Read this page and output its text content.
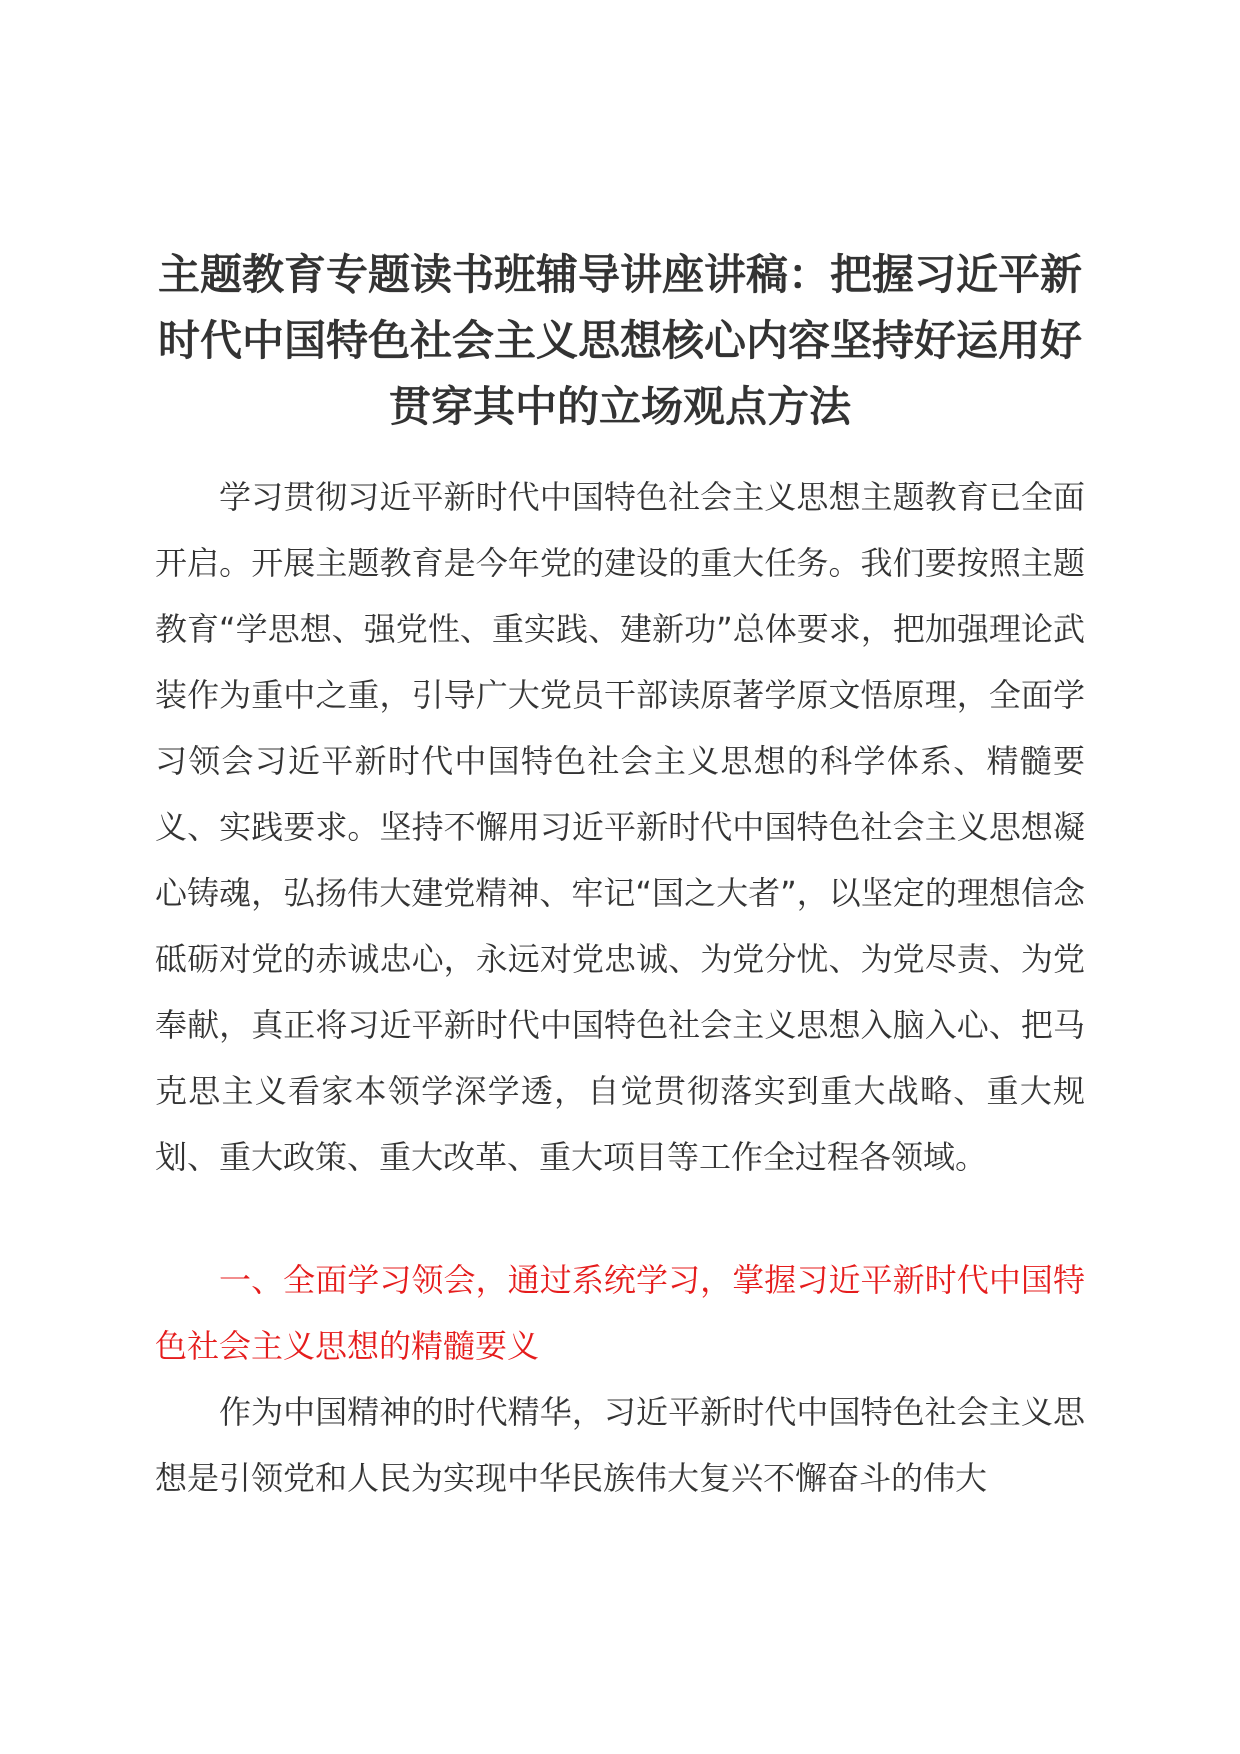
主题教育专题读书班辅导讲座讲稿：把握习近平新时代中国特色社会主义思想核心内容坚持好运用好贯穿其中的立场观点方法

学习贯彻习近平新时代中国特色社会主义思想主题教育已全面开启。开展主题教育是今年党的建设的重大任务。我们要按照主题教育“学思想、强党性、重实践、建新功”总体要求，把加强理论武装作为重中之重，引导广大党员干部读原著学原文悟原理，全面学习领会习近平新时代中国特色社会主义思想的科学体系、精髓要义、实践要求。坚持不懈用习近平新时代中国特色社会主义思想凝心铸魂，弘扬伟大建党精神、牢记“国之大者”，以坚定的理想信念砥砺对党的赤诚忠心，永远对党忠诚、为党分忧、为党尽责、为党奉献，真正将习近平新时代中国特色社会主义思想入脑入心、把马克思主义看家本领学深学透，自觉贯彻落实到重大战略、重大规划、重大政策、重大改革、重大项目等工作全过程各领域。

一、全面学习领会，通过系统学习，掌握习近平新时代中国特色社会主义思想的精髓要义

作为中国精神的时代精华，习近平新时代中国特色社会主义思想是引领党和人民为实现中华民族伟大复兴不懈奋斗的伟大
